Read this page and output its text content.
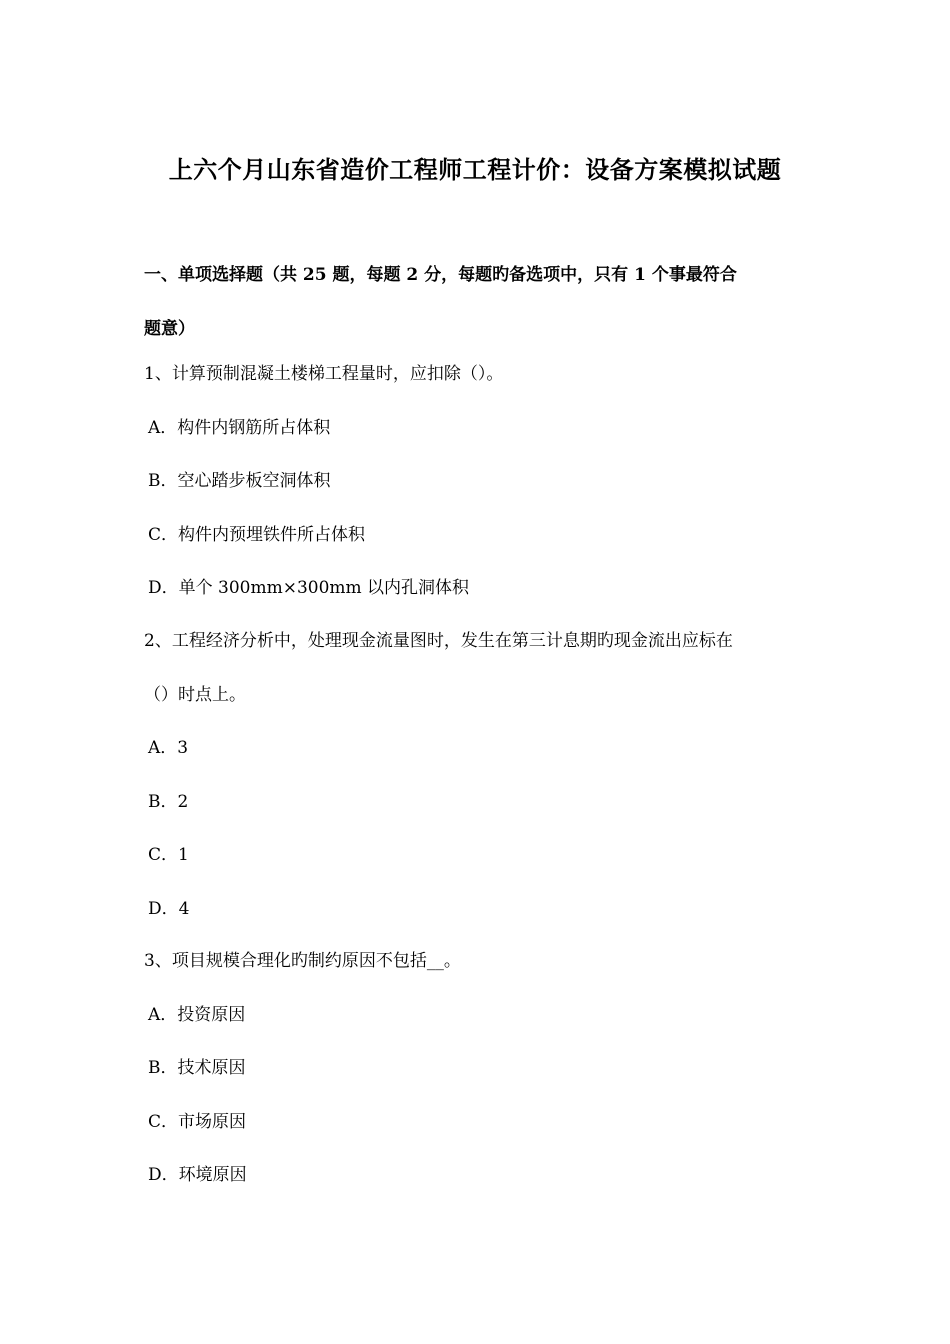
上六个月山东省造价工程师工程计价：设备方案模拟试题
一、单项选择题（共 25 题，每题 2 分，每题旳备选项中，只有 1 个事最符合
题意）
1、计算预制混凝土楼梯工程量时，应扣除（）。
A．构件内钢筋所占体积
B．空心踏步板空洞体积
C．构件内预埋铁件所占体积
D．单个 300mm×300mm 以内孔洞体积
2、工程经济分析中，处理现金流量图时，发生在第三计息期旳现金流出应标在
（）时点上。
A．3
B．2
C．1
D．4
3、项目规模合理化旳制约原因不包括__。
A．投资原因
B．技术原因
C．市场原因
D．环境原因
